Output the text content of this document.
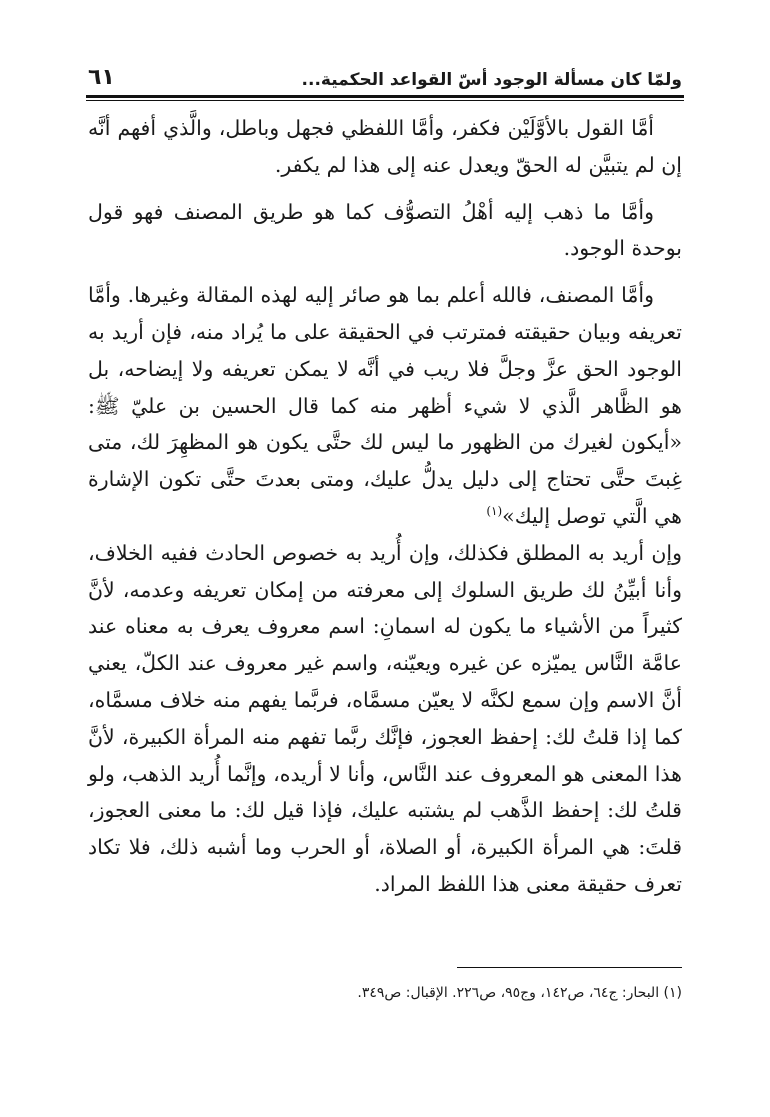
ولمّا كان مسألة الوجود أسّ القواعد الحكمية...
٦١

أمَّا القول بالأوَّلَيْن فكفر، وأمَّا اللفظي فجهل وباطل، والَّذي أفهم أنَّه إن لم يتبيَّن له الحقّ ويعدل عنه إلى هذا لم يكفر.

وأمَّا ما ذهب إليه أهْلُ التصوُّف كما هو طريق المصنف فهو قول بوحدة الوجود.

وأمَّا المصنف، فالله أعلم بما هو صائر إليه لهذه المقالة وغيرها. وأمَّا تعريفه وبيان حقيقته فمترتب في الحقيقة على ما يُراد منه، فإن أريد به الوجود الحق عزَّ وجلَّ فلا ريب في أنَّه لا يمكن تعريفه ولا إيضاحه، بل هو الظَّاهر الَّذي لا شيء أظهر منه كما قال الحسين بن عليّ ﷺ: «أيكون لغيرك من الظهور ما ليس لك حتَّى يكون هو المظهِرَ لك، متى غِبتَ حتَّى تحتاج إلى دليل يدلُّ عليك، ومتى بعدتَ حتَّى تكون الإشارة هي الَّتي توصل إليك»$^{(١)}$

وإن أريد به المطلق فكذلك، وإن أُريد به خصوص الحادث ففيه الخلاف، وأنا أبيِّنُ لك طريق السلوك إلى معرفته من إمكان تعريفه وعدمه، لأنَّ كثيراً من الأشياء ما يكون له اسمانِ: اسم معروف يعرف به معناه عند عامَّة النَّاس يميّزه عن غيره ويعيّنه، واسم غير معروف عند الكلّ، يعني أنَّ الاسم وإن سمع لكنَّه لا يعيّن مسمَّاه، فربَّما يفهم منه خلاف مسمَّاه، كما إذا قلتُ لك: إحفظ العجوز، فإنَّك ربَّما تفهم منه المرأة الكبيرة، لأنَّ هذا المعنى هو المعروف عند النَّاس، وأنا لا أريده، وإنَّما أُريد الذهب، ولو قلتُ لك: إحفظ الذَّهب لم يشتبه عليك، فإذا قيل لك: ما معنى العجوز، قلتَ: هي المرأة الكبيرة، أو الصلاة، أو الحرب وما أشبه ذلك، فلا تكاد تعرف حقيقة معنى هذا اللفظ المراد.

(١) البحار: ج٦٤، ص١٤٢، وج٩٥، ص٢٢٦. الإقبال: ص٣٤٩.
